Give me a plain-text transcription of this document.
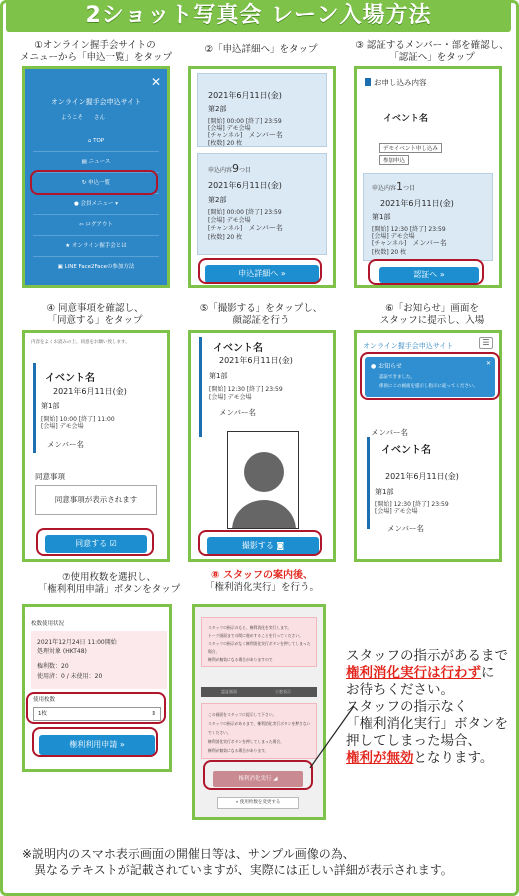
2ショット写真会 レーン入場方法
①オンライン握手会サイトの
メニューから「申込一覧」をタップ
②「申込詳細へ」をタップ	③ 認証するメンバー・部を確認し、
「認証へ」をタップ
✕
オンライン握手会申込サイト
ようこそ　　 さん
⌂ TOP
▤ ニュース
↻ 申込一覧
● 会員メニュー ▾
⇦ ログアウト
★ オンライン握手会とは
▣ LINE Face2Faceの参加方法
2021年6月11日(金)
第2部
[開始] 00:00 [終了] 23:59
[会場] デモ会場
[チャンネル]　 メンバー名
[枚数] 20 枚
申込内容9つ目
2021年6月11日(金)
第2部
[開始] 00:00 [終了] 23:59
[会場] デモ会場
[チャンネル]　 メンバー名
[枚数] 20 枚
申込詳細へ »
お申し込み内容
イベント名
デモイベント申し込み
参加申込
申込内容1つ目
2021年6月11日(金)
第1部
[開始] 12:30 [終了] 23:59
[会場] デモ会場
[チャンネル]　 メンバー名
[枚数] 20 枚
認証へ »
④ 同意事項を確認し、
「同意する」をタップ
⑤「撮影する」をタップし、
顔認証を行う
⑥「お知らせ」画面を
スタッフに提示し、入場
内容をよくお読みの上、同意をお願い致します。
イベント名
2021年6月11日(金)
第1部
[開始] 10:00 [終了] 11:00
[会場] デモ会場
メンバー名
同意事項
同意事項が表示されます
同意する ☑
イベント名
2021年6月11日(金)
第1部
[開始] 12:30 [終了] 23:59
[会場] デモ会場
メンバー名
撮影する ◙
オンライン握手会申込サイト	☰
● お知らせ	✕
認証できました。
係員にこの画面を提示し指示に従ってください。
メンバー名
イベント名
2021年6月11日(金)
第1部
[開始] 12:30 [終了] 23:59
[会場] デモ会場
メンバー名
⑦使用枚数を選択し、
「権利利用申請」ボタンをタップ
⑧ スタッフの案内後、
「権利消化実行」を行う。
枚数使用状況
2021年12月24日 11:00開始
処理対象 (HKT48)
権利数：20
使用済：0 / 未使用：20
使用枚数
1枚	⇕
権利利用申請 »
スタッフの指示のもと、権利消化を実行します。
トーク画面までの間に進めすることを行ってください。
スタッフの指示がなく権利消化実行ボタンを押してしまった場合、
権利が無効になる場合がありますので
認証画面	小窓表示
この画面をスタッフに提示して下さい。
スタッフの指示があるまで、権利消化実行ボタンを押さないでください。
権利消化実行ボタンを押してしまった場合、
権利が無効になる場合があります。
権利消化実行 ◢
« 使用枚数を変更する
スタッフの指示があるまで
権利消化実行は行わずに
お待ちください。
スタッフの指示なく
「権利消化実行」ボタンを
押してしまった場合、
権利が無効となります。
※説明内のスマホ表示画面の開催日等は、サンプル画像の為、
異なるテキストが記載されていますが、実際には正しい詳細が表示されます。
